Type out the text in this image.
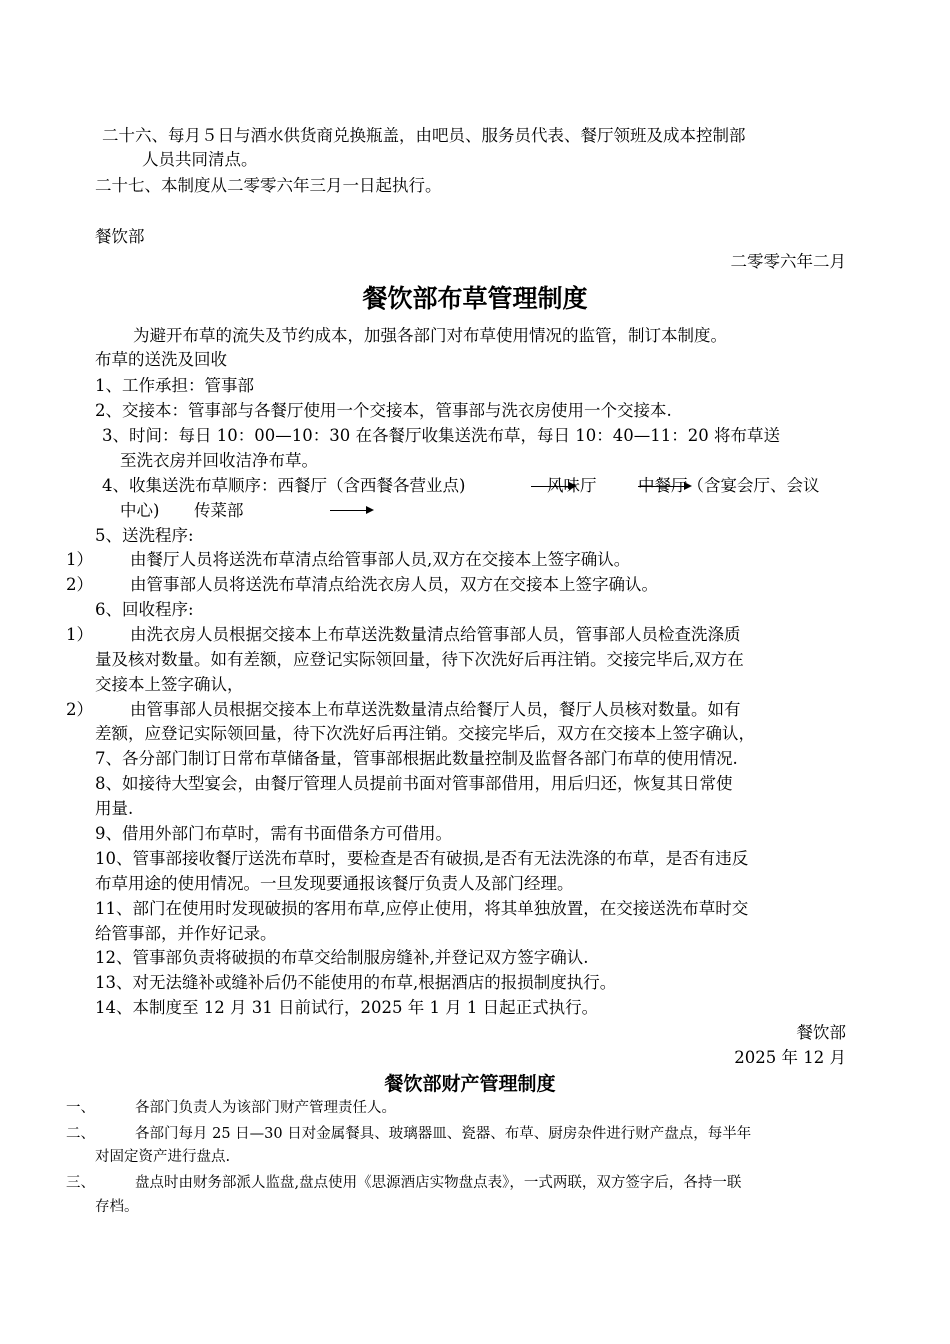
二十六、每月５日与酒水供货商兑换瓶盖，由吧员、服务员代表、餐厅领班及成本控制部
人员共同清点。
二十七、本制度从二零零六年三月一日起执行。
餐饮部
二零零六年二月
餐饮部布草管理制度
为避开布草的流失及节约成本，加强各部门对布草使用情况的监管，制订本制度。
布草的送洗及回收
1、工作承担：管事部
2、交接本：管事部与各餐厅使用一个交接本，管事部与洗衣房使用一个交接本.
3、时间：每日 10：00—10：30 在各餐厅收集送洗布草，每日 10：40—11：20 将布草送
至洗衣房并回收洁净布草。
4、收集送洗布草顺序：西餐厅（含西餐各营业点)	风味厅	中餐厅（含宴会厅、会议
中心) 传菜部
5、送洗程序:
1） 由餐厅人员将送洗布草清点给管事部人员,双方在交接本上签字确认。
2） 由管事部人员将送洗布草清点给洗衣房人员，双方在交接本上签字确认。
6、回收程序:
1） 由洗衣房人员根据交接本上布草送洗数量清点给管事部人员，管事部人员检查洗涤质
量及核对数量。如有差额，应登记实际领回量，待下次洗好后再注销。交接完毕后,双方在
交接本上签字确认，
2） 由管事部人员根据交接本上布草送洗数量清点给餐厅人员，餐厅人员核对数量。如有
差额，应登记实际领回量，待下次洗好后再注销。交接完毕后，双方在交接本上签字确认，
7、各分部门制订日常布草储备量，管事部根据此数量控制及监督各部门布草的使用情况.
8、如接待大型宴会，由餐厅管理人员提前书面对管事部借用，用后归还，恢复其日常使
用量.
9、借用外部门布草时，需有书面借条方可借用。
10、管事部接收餐厅送洗布草时，要检查是否有破损,是否有无法洗涤的布草，是否有违反
布草用途的使用情况。一旦发现要通报该餐厅负责人及部门经理。
11、部门在使用时发现破损的客用布草,应停止使用，将其单独放置，在交接送洗布草时交
给管事部，并作好记录。
12、管事部负责将破损的布草交给制服房缝补,并登记双方签字确认.
13、对无法缝补或缝补后仍不能使用的布草,根据酒店的报损制度执行。
14、本制度至 12 月 31 日前试行，2025 年 1 月 1 日起正式执行。
餐饮部
2025 年 12 月
餐饮部财产管理制度
一、	各部门负责人为该部门财产管理责任人。
二、	各部门每月 25 日—30 日对金属餐具、玻璃器皿、瓷器、布草、厨房杂件进行财产盘点，每半年
对固定资产进行盘点.
三、	盘点时由财务部派人监盘,盘点使用《思源酒店实物盘点表》，一式两联，双方签字后，各持一联
存档。
